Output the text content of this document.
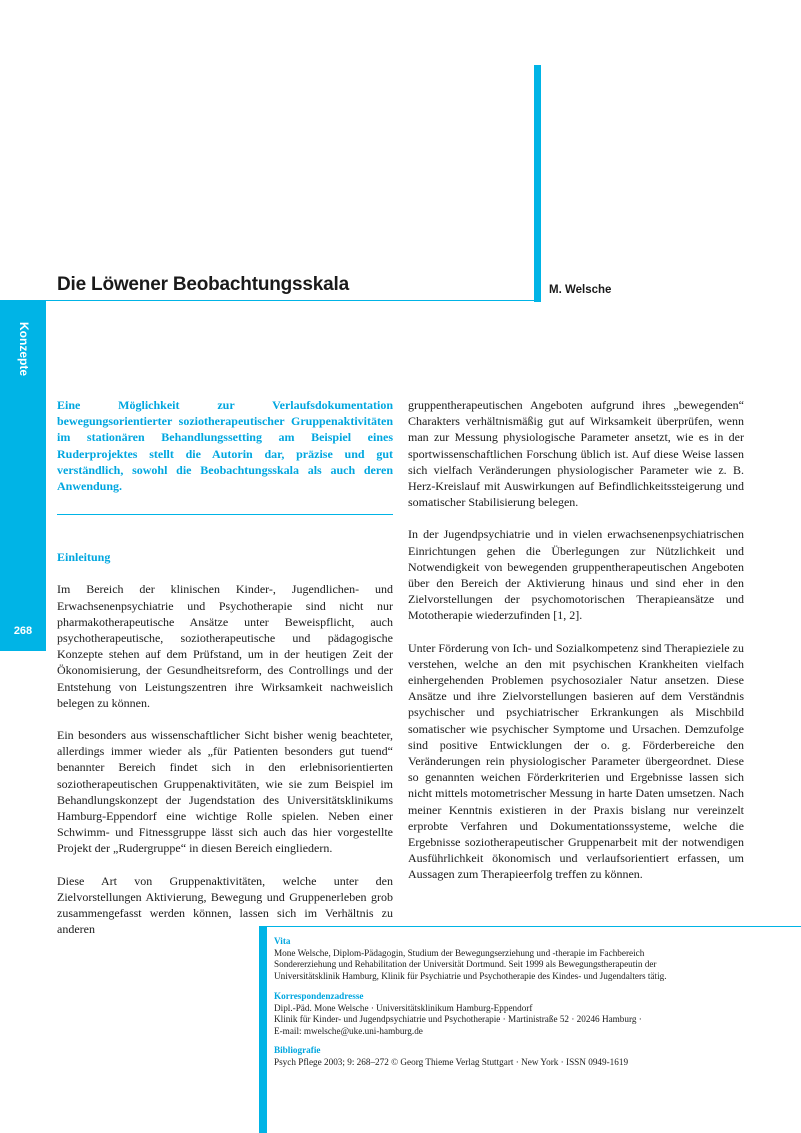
Die Löwener Beobachtungsskala	M. Welsche
Konzepte
268

Eine Möglichkeit zur Verlaufsdokumentation bewegungsorientierter soziotherapeutischer Gruppenaktivitäten im stationären Behandlungssetting am Beispiel eines Ruderprojektes stellt die Autorin dar, präzise und gut verständlich, sowohl die Beobachtungsskala als auch deren Anwendung.

Einleitung

Im Bereich der klinischen Kinder-, Jugendlichen- und Erwachsenenpsychiatrie und Psychotherapie sind nicht nur pharmakotherapeutische Ansätze unter Beweispflicht, auch psychotherapeutische, soziotherapeutische und pädagogische Konzepte stehen auf dem Prüfstand, um in der heutigen Zeit der Ökonomisierung, der Gesundheitsreform, des Controllings und der Entstehung von Leistungszentren ihre Wirksamkeit nachweislich belegen zu können.

Ein besonders aus wissenschaftlicher Sicht bisher wenig beachteter, allerdings immer wieder als „für Patienten besonders gut tuend“ benannter Bereich findet sich in den erlebnisorientierten soziotherapeutischen Gruppenaktivitäten, wie sie zum Beispiel im Behandlungskonzept der Jugendstation des Universitätsklinikums Hamburg-Eppendorf eine wichtige Rolle spielen. Neben einer Schwimm- und Fitnessgruppe lässt sich auch das hier vorgestellte Projekt der „Rudergruppe“ in diesen Bereich eingliedern.

Diese Art von Gruppenaktivitäten, welche unter den Zielvorstellungen Aktivierung, Bewegung und Gruppenerleben grob zusammengefasst werden können, lassen sich im Verhältnis zu anderen

gruppentherapeutischen Angeboten aufgrund ihres „bewegenden“ Charakters verhältnismäßig gut auf Wirksamkeit überprüfen, wenn man zur Messung physiologische Parameter ansetzt, wie es in der sportwissenschaftlichen Forschung üblich ist. Auf diese Weise lassen sich vielfach Veränderungen physiologischer Parameter wie z. B. Herz-Kreislauf mit Auswirkungen auf Befindlichkeitssteigerung und somatischer Stabilisierung belegen.

In der Jugendpsychiatrie und in vielen erwachsenenpsychiatrischen Einrichtungen gehen die Überlegungen zur Nützlichkeit und Notwendigkeit von bewegenden gruppentherapeutischen Angeboten über den Bereich der Aktivierung hinaus und sind eher in den Zielvorstellungen der psychomotorischen Therapieansätze und Mototherapie wiederzufinden [1, 2].

Unter Förderung von Ich- und Sozialkompetenz sind Therapieziele zu verstehen, welche an den mit psychischen Krankheiten vielfach einhergehenden Problemen psychosozialer Natur ansetzen. Diese Ansätze und ihre Zielvorstellungen basieren auf dem Verständnis psychischer und psychiatrischer Erkrankungen als Mischbild somatischer wie psychischer Symptome und Ursachen. Demzufolge sind positive Entwicklungen der o. g. Förderbereiche den Veränderungen rein physiologischer Parameter übergeordnet. Diese so genannten weichen Förderkriterien und Ergebnisse lassen sich nicht mittels motometrischer Messung in harte Daten umsetzen. Nach meiner Kenntnis existieren in der Praxis bislang nur vereinzelt erprobte Verfahren und Dokumentationssysteme, welche die Ergebnisse soziotherapeutischer Gruppenarbeit mit der notwendigen Ausführlichkeit ökonomisch und verlaufsorientiert erfassen, um Aussagen zum Therapieerfolg treffen zu können.

Vita
Mone Welsche, Diplom-Pädagogin, Studium der Bewegungserziehung und -therapie im Fachbereich
Sondererziehung und Rehabilitation der Universität Dortmund. Seit 1999 als Bewegungstherapeutin der
Universitätsklinik Hamburg, Klinik für Psychiatrie und Psychotherapie des Kindes- und Jugendalters tätig.
Korrespondenzadresse
Dipl.-Päd. Mone Welsche · Universitätsklinikum Hamburg-Eppendorf
Klinik für Kinder- und Jugendpsychiatrie und Psychotherapie · Martinistraße 52 · 20246 Hamburg ·
E-mail: mwelsche@uke.uni-hamburg.de
Bibliografie
Psych Pflege 2003; 9: 268–272 © Georg Thieme Verlag Stuttgart · New York · ISSN 0949-1619
